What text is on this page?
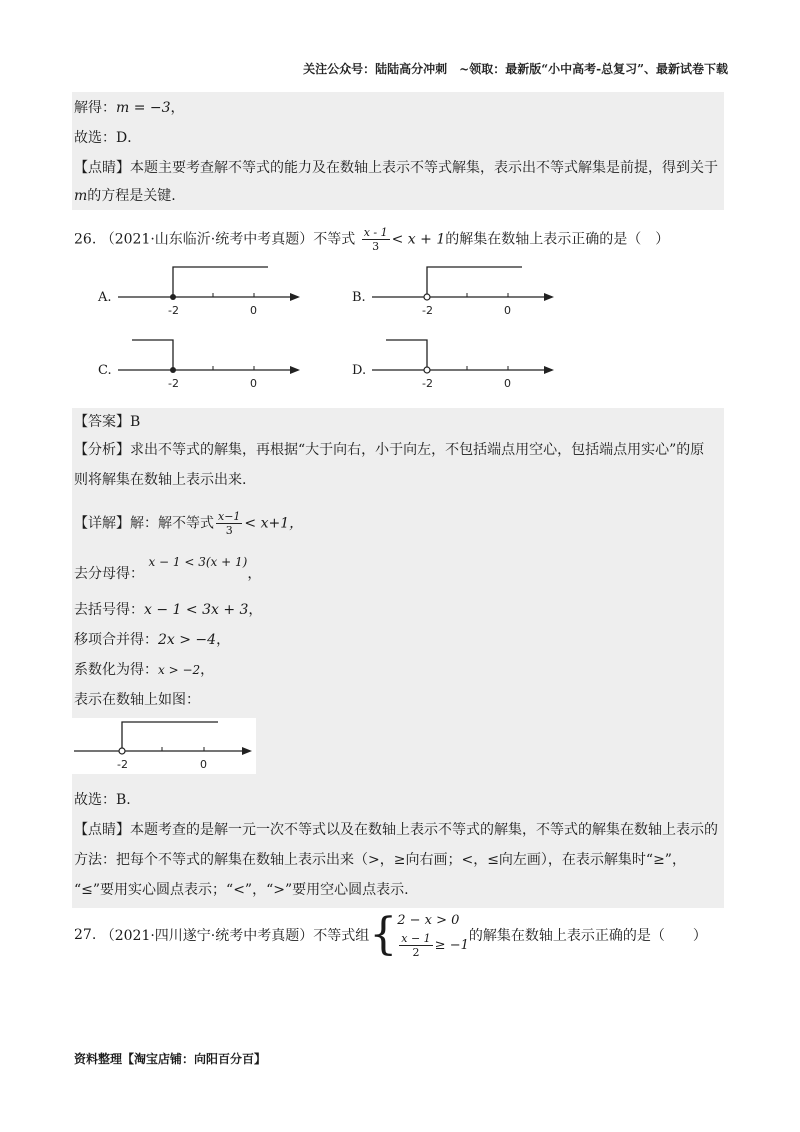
关注公众号：陆陆高分冲刺　~领取：最新版“小中高考-总复习”、最新试卷下载
解得：m = −3，
故选：D．
【点睛】本题主要考查解不等式的能力及在数轴上表示不等式解集，表示出不等式解集是前提，得到关于
m的方程是关键.
26. （2021·山东临沂·统考中考真题）不等式 $\frac{x - 1}{3} < x + 1$的解集在数轴上表示正确的是（　）
A.
-2	0
B.
-2	0
C.
-2	0
D.
-2	0
【答案】B
【分析】求出不等式的解集，再根据“大于向右，小于向左，不包括端点用空心，包括端点用实心”的原
则将解集在数轴上表示出来.
【详解】解：解不等式 $\frac{x-1}{3} < x+1$，
去分母得： x − 1 < 3(x + 1)，
去括号得：x − 1 < 3x + 3，
移项合并得：2x > −4，
系数化为得：x > −2，
表示在数轴上如图：
-2	0
故选：B.
【点睛】本题考查的是解一元一次不等式以及在数轴上表示不等式的解集，不等式的解集在数轴上表示的
方法：把每个不等式的解集在数轴上表示出来（>，≥向右画；<，≤向左画），在表示解集时“≥”，
“≤”要用实心圆点表示；“<”，“>”要用空心圆点表示.
27. （2021·四川遂宁·统考中考真题）不等式组{ 2 − x > 0
$\frac{x - 1}{2} \ge -1$
的解集在数轴上表示正确的是（　　）
资料整理【淘宝店铺：向阳百分百】
